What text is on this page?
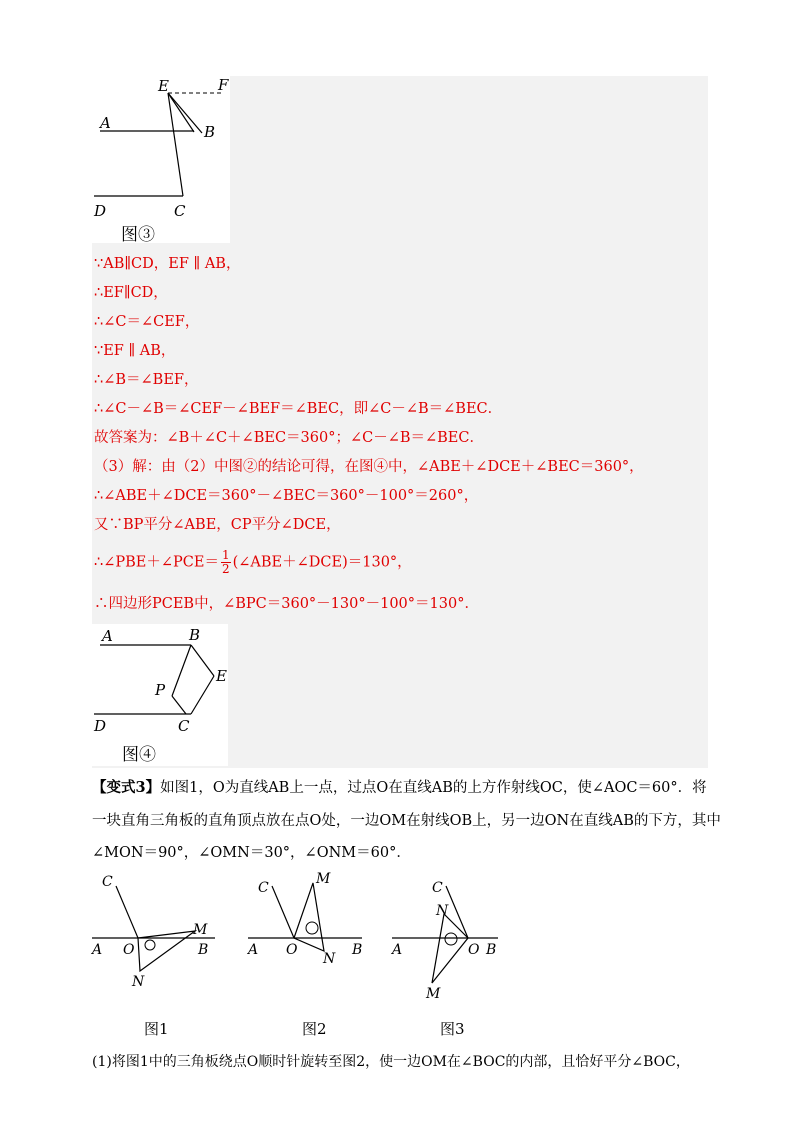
E	F
A	B
D	C
图③
∵AB∥CD，EF ∥ AB，
∴EF∥CD，
∴∠C＝∠CEF，
∵EF ∥ AB，
∴∠B＝∠BEF，
∴∠C－∠B＝∠CEF－∠BEF＝∠BEC，即∠C－∠B＝∠BEC．
故答案为：∠B＋∠C＋∠BEC＝360°；∠C－∠B＝∠BEC．
（3）解：由（2）中图②的结论可得，在图④中，∠ABE＋∠DCE＋∠BEC＝360°，
∴∠ABE＋∠DCE＝360°－∠BEC＝360°－100°＝260°，
又∵BP平分∠ABE，CP平分∠DCE，
∴∠PBE＋∠PCE＝ $\frac{1}{2}$ (∠ABE＋∠DCE)＝130°，
∴四边形PCEB中，∠BPC＝360°－130°－100°＝130°．
A	B
E
P
D	C
图④
【变式3】如图1，O为直线AB上一点，过点O在直线AB的上方作射线OC，使∠AOC＝60°．将
一块直角三角板的直角顶点放在点O处，一边OM在射线OB上，另一边ON在直线AB的下方，其中
∠MON＝90°，∠OMN＝30°，∠ONM＝60°．
C
A O
M
B
N
C
M
A O	B
N
C
N
A	O B
M
图1	图2	图3
(1)将图1中的三角板绕点O顺时针旋转至图2，使一边OM在∠BOC的内部，且恰好平分∠BOC，
